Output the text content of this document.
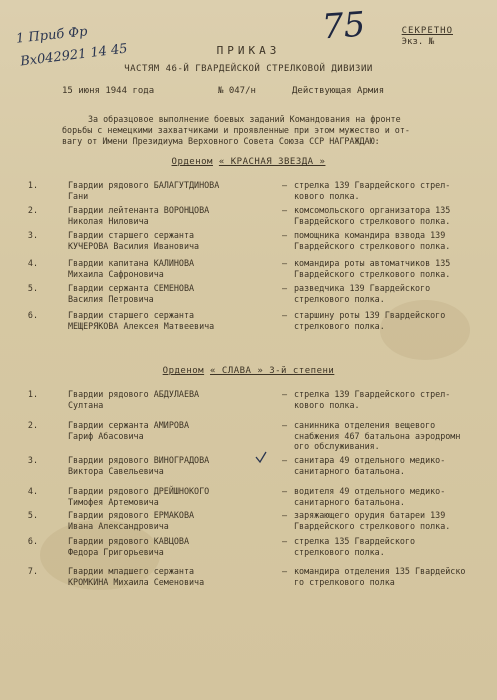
1 Приб Фр
Вх042921 14 45
75	СЕКРЕТНО
Экз. №
ПРИКАЗ
ЧАСТЯМ 46-Й ГВАРДЕЙСКОЙ СТРЕЛКОВОЙ ДИВИЗИИ
15 июня 1944 года	№ 047/н	Действующая Армия
За образцовое выполнение боевых заданий Командования на фронте
борьбы с немецкими захватчиками и проявленные при этом мужество и от-
вагу от Имени Президиума Верховного Совета Союза ССР НАГРАЖДАЮ:
Орденом « КРАСНАЯ ЗВЕЗДА »
1.	Гвардии рядового БАЛАГУТДИНОВА
Гани
– стрелка 139 Гвардейского стрел-
кового полка.
2.	Гвардии лейтенанта ВОРОНЦОВА
Николая Ниловича
– комсомольского организатора 135
Гвардейского стрелкового полка.
3.	Гвардии старшего сержанта
КУЧЕРОВА Василия Ивановича
– помощника командира взвода 139
Гвардейского стрелкового полка.
4.	Гвардии капитана КАЛИНОВА
Михаила Сафроновича
– командира роты автоматчиков 135
Гвардейского стрелкового полка.
5.	Гвардии сержанта СЕМЕНОВА
Василия Петровича
– разведчика 139 Гвардейского
стрелкового полка.
6.	Гвардии старшего сержанта
МЕЩЕРЯКОВА Алексея Матвеевича
– старшину роты 139 Гвардейского
стрелкового полка.
Орденом « СЛАВА » 3-й степени
1.	Гвардии рядового АБДУЛАЕВА
Султана
– стрелка 139 Гвардейского стрел-
кового полка.
2.	Гвардии сержанта АМИРОВА
Гариф Абасовича
– санинника отделения вещевого
снабжения 467 батальона аэродромн
ого обслуживания.
3.	Гвардии рядового ВИНОГРАДОВА
Виктора Савельевича
– санитара 49 отдельного медико-
санитарного батальона.
4.	Гвардии рядового ДРЕЙШНОКОГО
Тимофея Артемовича
– водителя 49 отдельного медико-
санитарного батальона.
5.	Гвардии рядового ЕРМАКОВА
Ивана Александровича
– заряжающего орудия батареи 139
Гвардейского стрелкового полка.
6.	Гвардии рядового КАВЦОВА
Федора Григорьевича
– стрелка 135 Гвардейского
стрелкового полка.
7.	Гвардии младшего сержанта
КРОМКИНА Михаила Семеновича
– командира отделения 135 Гвардейско
го стрелкового полка
